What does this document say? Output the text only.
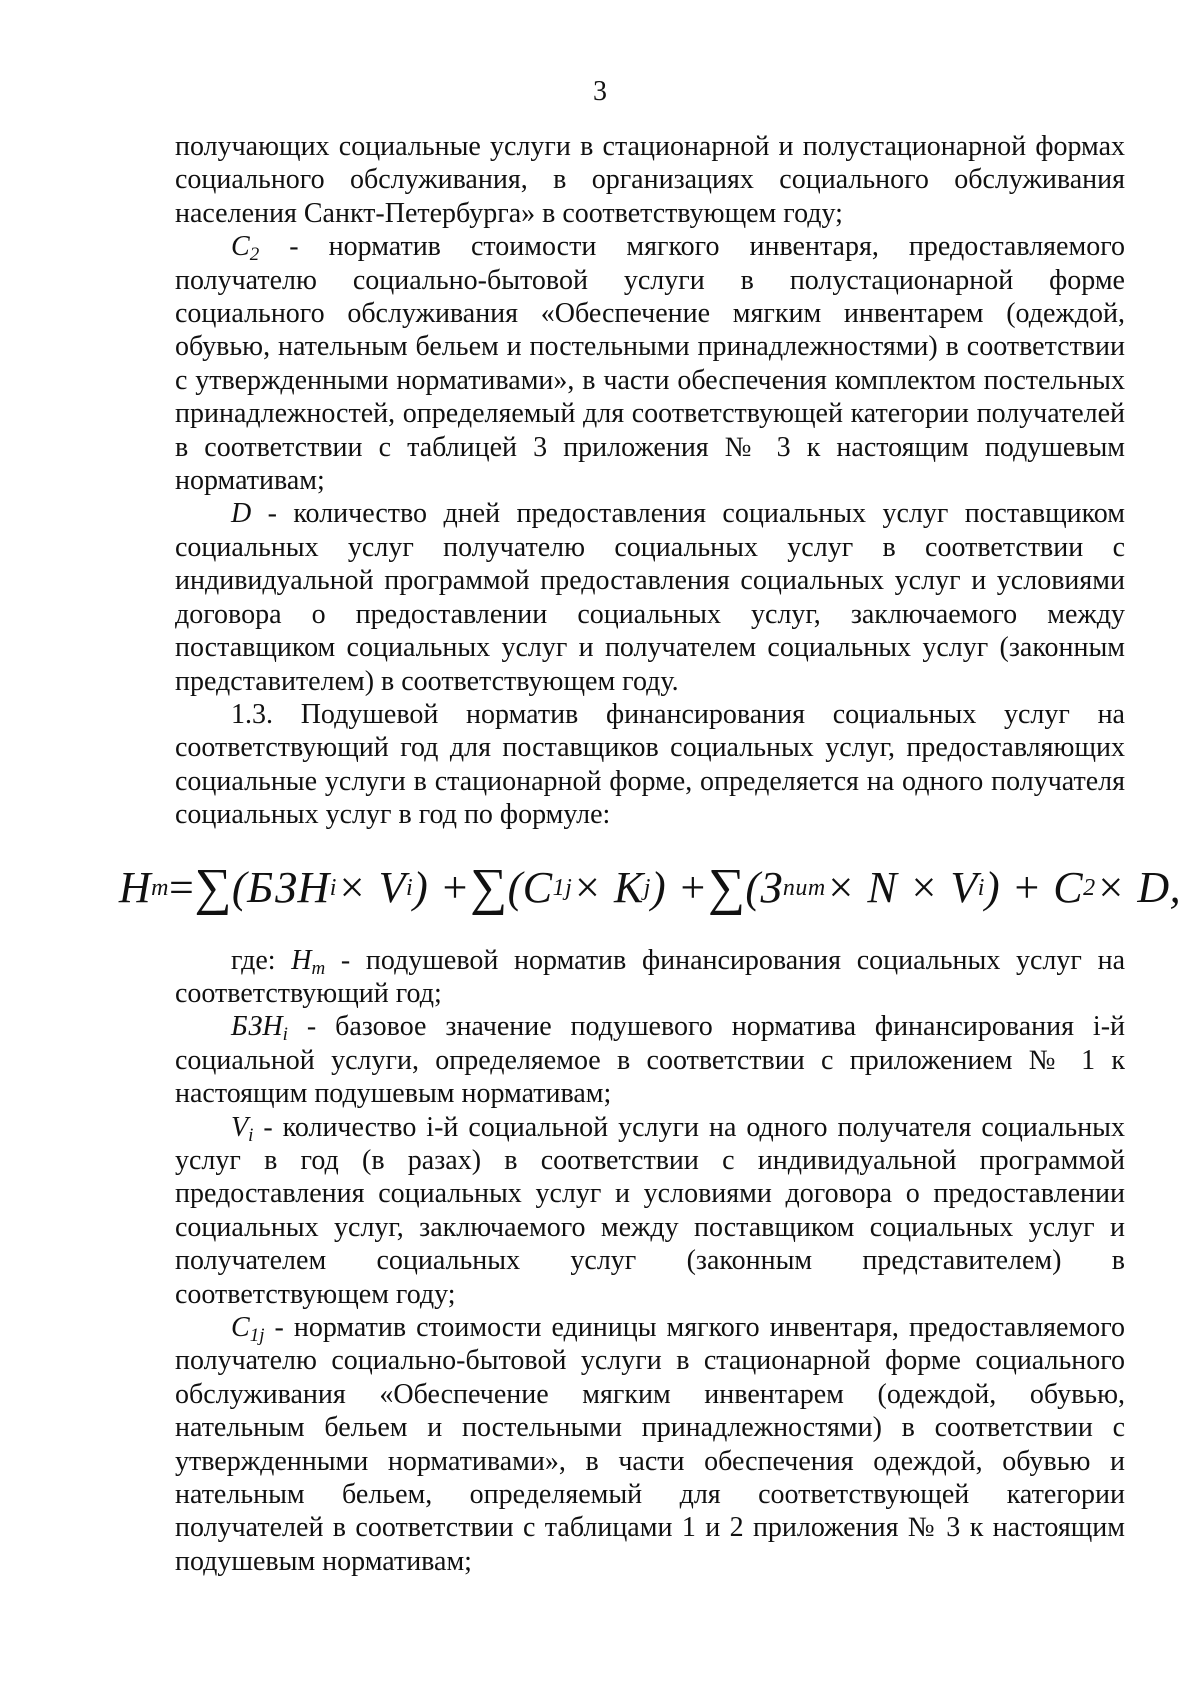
3

получающих социальные услуги в стационарной и полустационарной формах социального обслуживания, в организациях социального обслуживания населения Санкт-Петербурга» в соответствующем году;

$C_2$ - норматив стоимости мягкого инвентаря, предоставляемого получателю социально-бытовой услуги в полустационарной форме социального обслуживания «Обеспечение мягким инвентарем (одеждой, обувью, нательным бельем и постельными принадлежностями) в соответствии с утвержденными нормативами», в части обеспечения комплектом постельных принадлежностей, определяемый для соответствующей категории получателей в соответствии с таблицей 3 приложения № 3 к настоящим подушевым нормативам;

D - количество дней предоставления социальных услуг поставщиком социальных услуг получателю социальных услуг в соответствии с индивидуальной программой предоставления социальных услуг и условиями договора о предоставлении социальных услуг, заключаемого между поставщиком социальных услуг и получателем социальных услуг (законным представителем) в соответствующем году.

1.3. Подушевой норматив финансирования социальных услуг на соответствующий год для поставщиков социальных услуг, предоставляющих социальные услуги в стационарной форме, определяется на одного получателя социальных услуг в год по формуле:

H m = ∑ (БЗН i × V i ) + ∑ (C 1j × K j ) + ∑ (З пит × N × V i ) + C 2 × D,

где: $H_m$ - подушевой норматив финансирования социальных услуг на соответствующий год;

$БЗН_i$ - базовое значение подушевого норматива финансирования i-й социальной услуги, определяемое в соответствии с приложением № 1 к настоящим подушевым нормативам;

$V_i$ - количество i-й социальной услуги на одного получателя социальных услуг в год (в разах) в соответствии с индивидуальной программой предоставления социальных услуг и условиями договора о предоставлении социальных услуг, заключаемого между поставщиком социальных услуг и получателем социальных услуг (законным представителем) в соответствующем году;

$C_{1j}$ - норматив стоимости единицы мягкого инвентаря, предоставляемого получателю социально-бытовой услуги в стационарной форме социального обслуживания «Обеспечение мягким инвентарем (одеждой, обувью, нательным бельем и постельными принадлежностями) в соответствии с утвержденными нормативами», в части обеспечения одеждой, обувью и нательным бельем, определяемый для соответствующей категории получателей в соответствии с таблицами 1 и 2 приложения № 3 к настоящим подушевым нормативам;
